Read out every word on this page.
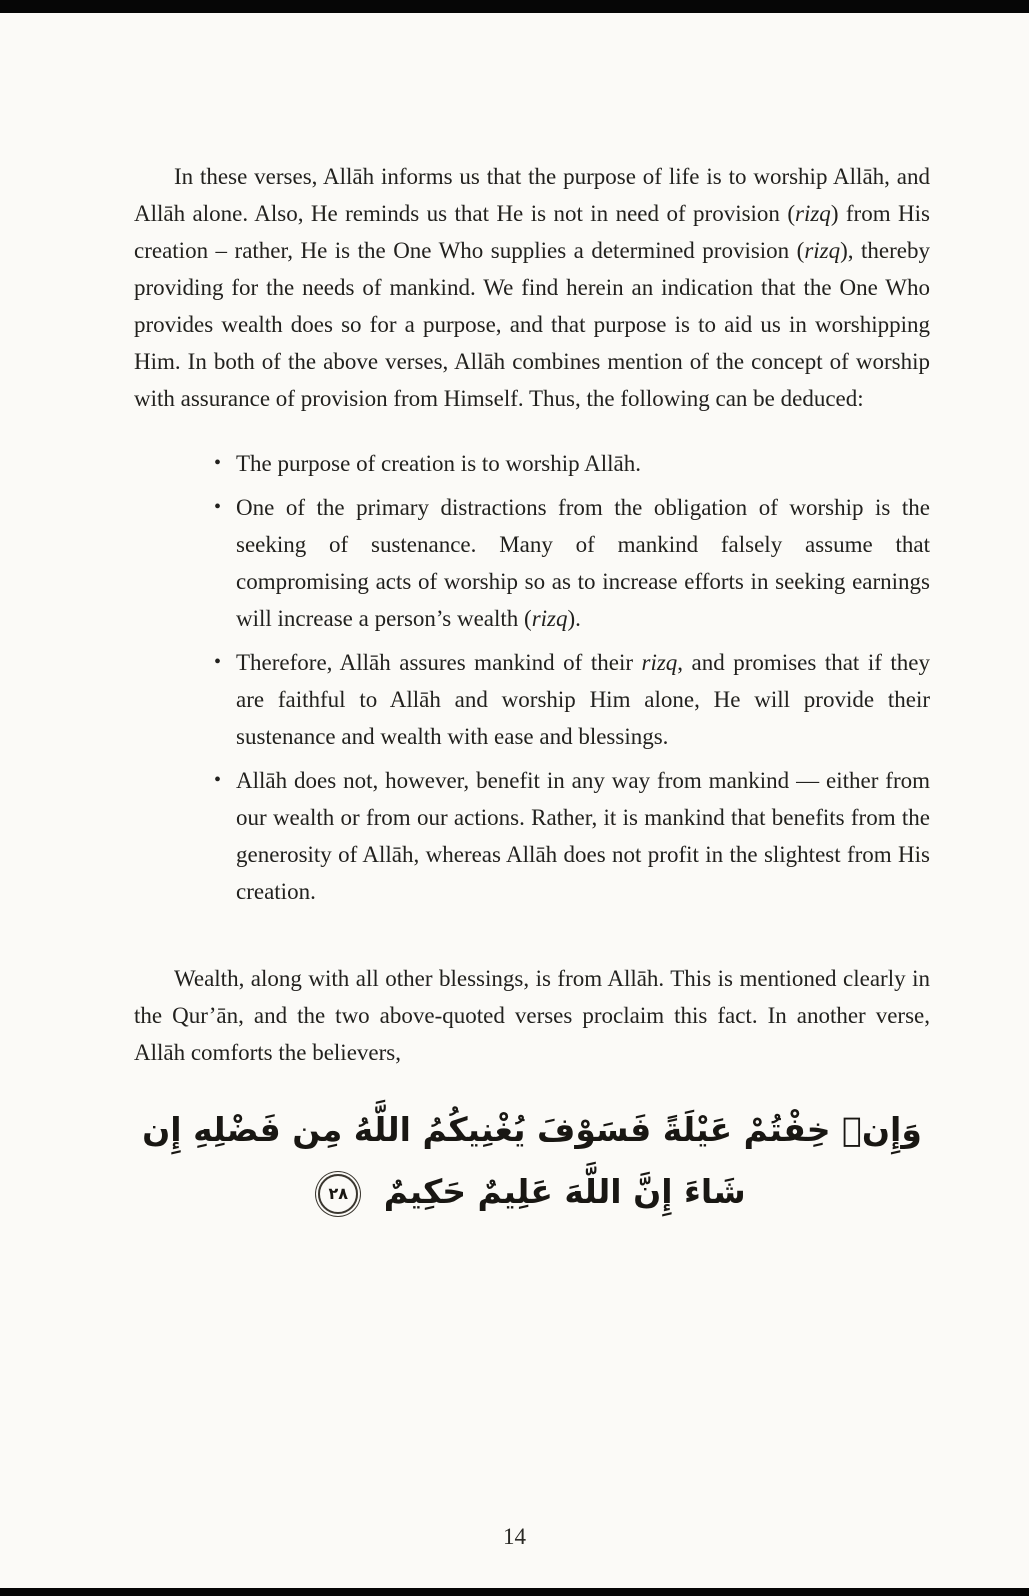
In these verses, Allāh informs us that the purpose of life is to worship Allāh, and Allāh alone. Also, He reminds us that He is not in need of provision (rizq) from His creation – rather, He is the One Who supplies a determined provision (rizq), thereby providing for the needs of mankind. We find herein an indication that the One Who provides wealth does so for a purpose, and that purpose is to aid us in worshipping Him. In both of the above verses, Allāh combines mention of the concept of worship with assurance of provision from Himself. Thus, the following can be deduced:

• The purpose of creation is to worship Allāh.
• One of the primary distractions from the obligation of worship is the seeking of sustenance. Many of mankind falsely assume that compromising acts of worship so as to increase efforts in seeking earnings will increase a person’s wealth (rizq).
• Therefore, Allāh assures mankind of their rizq, and promises that if they are faithful to Allāh and worship Him alone, He will provide their sustenance and wealth with ease and blessings.
• Allāh does not, however, benefit in any way from mankind — either from our wealth or from our actions. Rather, it is mankind that benefits from the generosity of Allāh, whereas Allāh does not profit in the slightest from His creation.

Wealth, along with all other blessings, is from Allāh. This is mentioned clearly in the Qur’ān, and the two above-quoted verses proclaim this fact. In another verse, Allāh comforts the believers,

وَإِنٛ خِفْتُمْ عَيْلَةً فَسَوْفَ يُغْنِيكُمُ اللَّهُ مِن فَضْلِهِ إِن
شَاءَ إِنَّ اللَّهَ عَلِيمٌ حَكِيمٌ
٢٨
14
